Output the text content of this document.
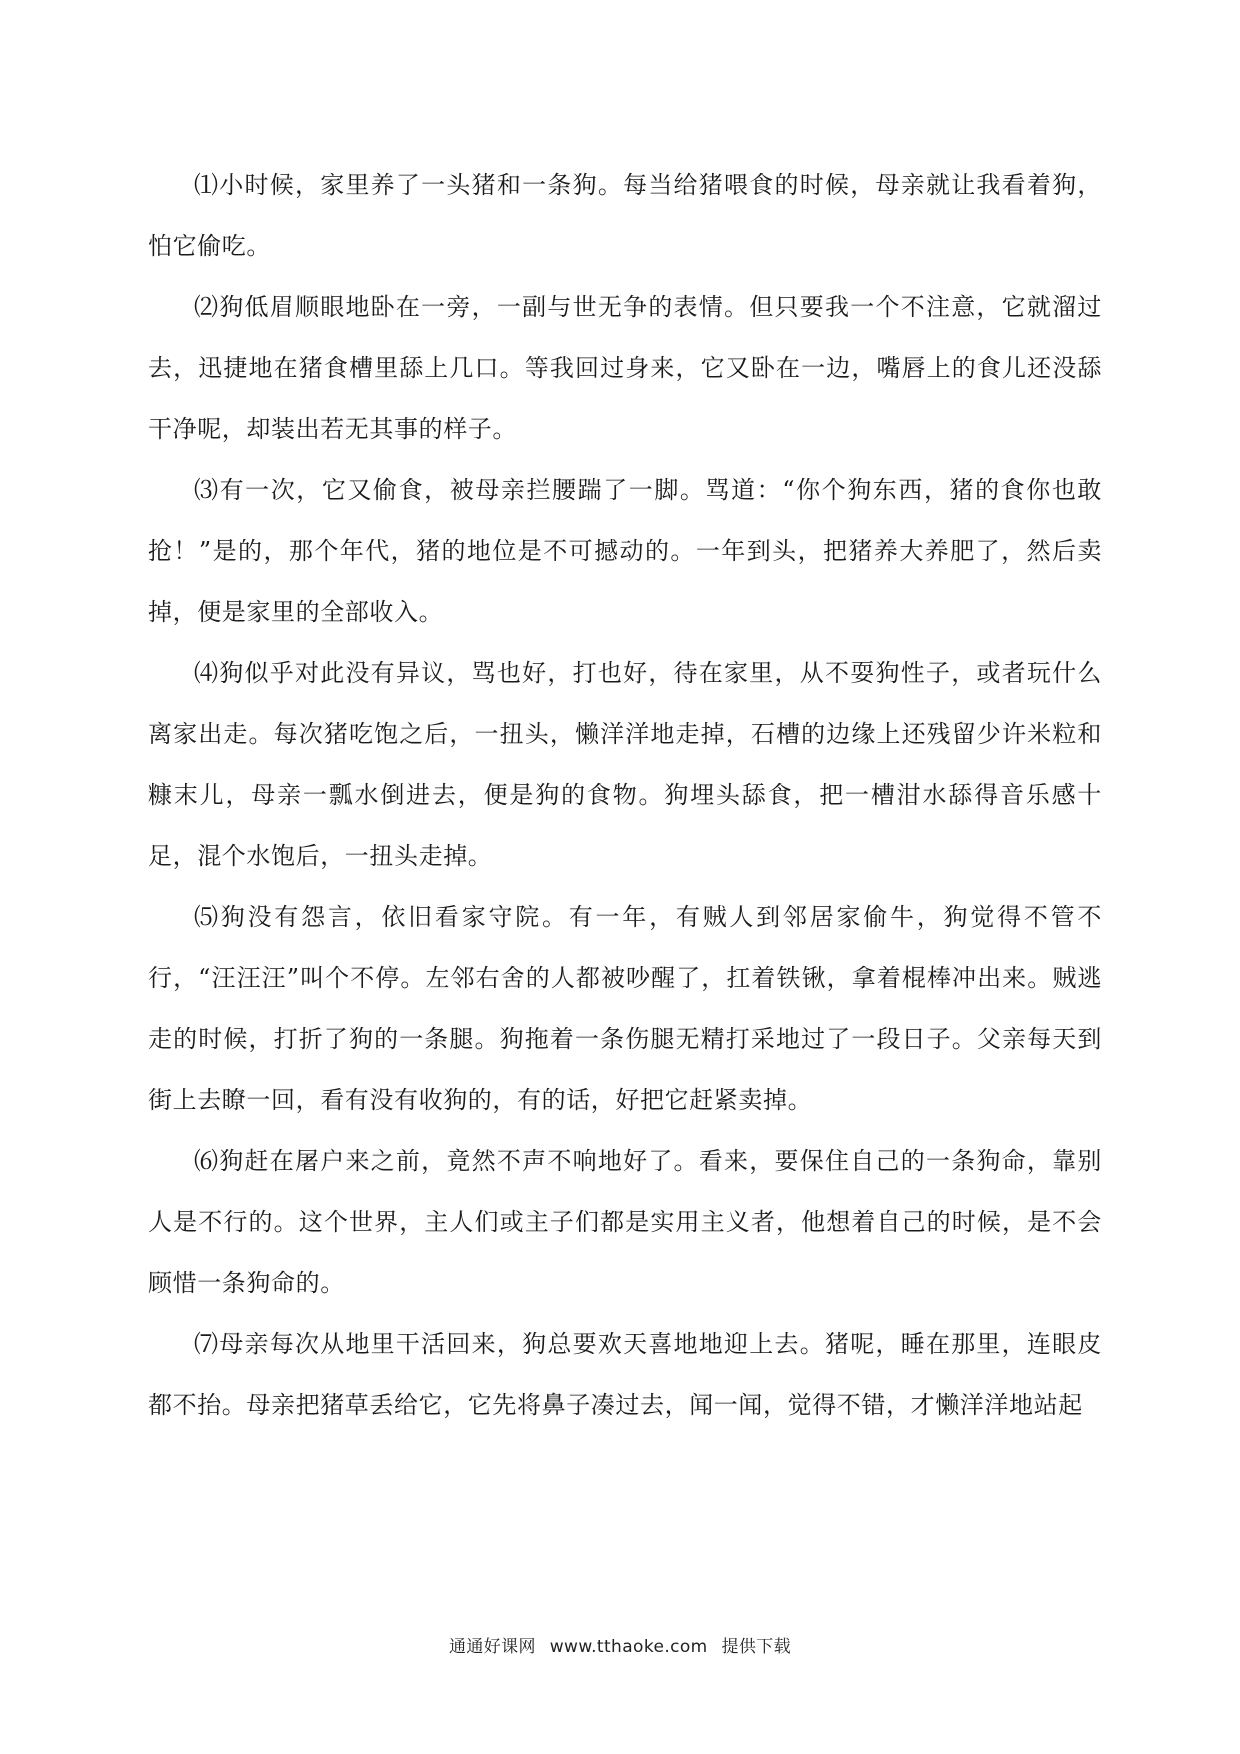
⑴小时候，家里养了一头猪和一条狗。每当给猪喂食的时候，母亲就让我看着狗，怕它偷吃。

⑵狗低眉顺眼地卧在一旁，一副与世无争的表情。但只要我一个不注意，它就溜过去，迅捷地在猪食槽里舔上几口。等我回过身来，它又卧在一边，嘴唇上的食儿还没舔干净呢，却装出若无其事的样子。

⑶有一次，它又偷食，被母亲拦腰踹了一脚。骂道：“你个狗东西，猪的食你也敢抢！”是的，那个年代，猪的地位是不可撼动的。一年到头，把猪养大养肥了，然后卖掉，便是家里的全部收入。

⑷狗似乎对此没有异议，骂也好，打也好，待在家里，从不耍狗性子，或者玩什么离家出走。每次猪吃饱之后，一扭头，懒洋洋地走掉，石槽的边缘上还残留少许米粒和糠末儿，母亲一瓢水倒进去，便是狗的食物。狗埋头舔食，把一槽泔水舔得音乐感十足，混个水饱后，一扭头走掉。

⑸狗没有怨言，依旧看家守院。有一年，有贼人到邻居家偷牛，狗觉得不管不行，“汪汪汪”叫个不停。左邻右舍的人都被吵醒了，扛着铁锹，拿着棍棒冲出来。贼逃走的时候，打折了狗的一条腿。狗拖着一条伤腿无精打采地过了一段日子。父亲每天到街上去瞭一回，看有没有收狗的，有的话，好把它赶紧卖掉。

⑹狗赶在屠户来之前，竟然不声不响地好了。看来，要保住自己的一条狗命，靠别人是不行的。这个世界，主人们或主子们都是实用主义者，他想着自己的时候，是不会顾惜一条狗命的。

⑺母亲每次从地里干活回来，狗总要欢天喜地地迎上去。猪呢，睡在那里，连眼皮都不抬。母亲把猪草丢给它，它先将鼻子凑过去，闻一闻，觉得不错，才懒洋洋地站起

通通好课网 www.tthaoke.com 提供下载
